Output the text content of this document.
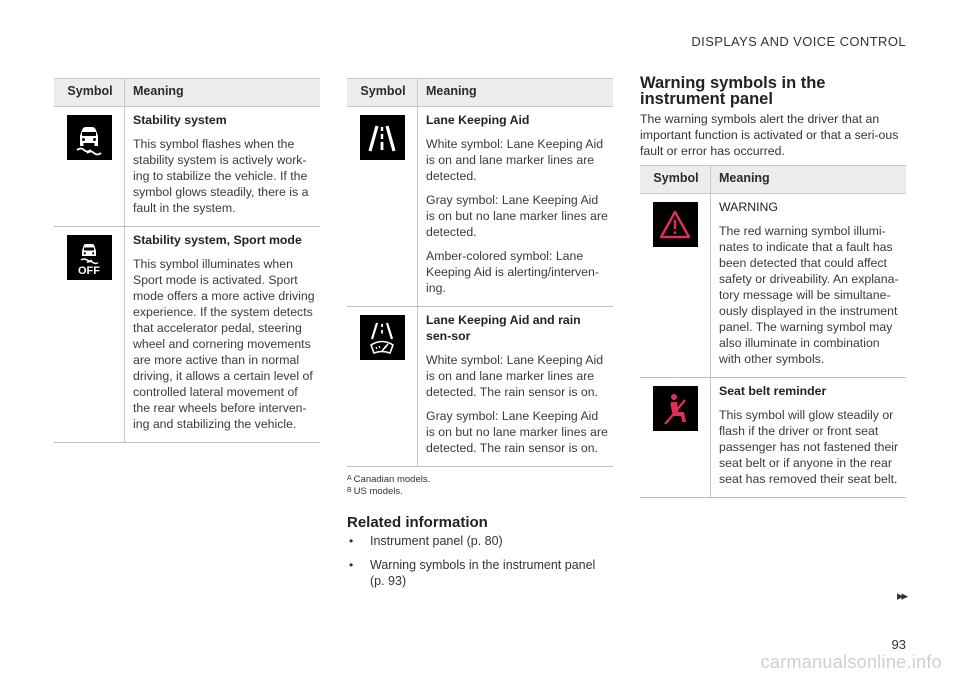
DISPLAYS AND VOICE CONTROL
Symbol	Meaning

Stability system
This symbol flashes when the stability system is actively work-ing to stabilize the vehicle. If the symbol glows steadily, there is a fault in the system.

OFF	Stability system, Sport mode
This symbol illuminates when Sport mode is activated. Sport mode offers a more active driving experience. If the system detects that accelerator pedal, steering wheel and cornering movements are more active than in normal driving, it allows a certain level of controlled lateral movement of the rear wheels before interven-ing and stabilizing the vehicle.
Symbol	Meaning

Lane Keeping Aid
White symbol: Lane Keeping Aid is on and lane marker lines are detected.
Gray symbol: Lane Keeping Aid is on but no lane marker lines are detected.
Amber-colored symbol: Lane Keeping Aid is alerting/interven-ing.

Lane Keeping Aid and rain sen-sor
White symbol: Lane Keeping Aid is on and lane marker lines are detected. The rain sensor is on.
Gray symbol: Lane Keeping Aid is on but no lane marker lines are detected. The rain sensor is on.
$^A$ Canadian models.
$^B$ US models.
Related information
• Instrument panel (p. 80)
• Warning symbols in the instrument panel (p. 93)
Warning symbols in the instrument panel

The warning symbols alert the driver that an important function is activated or that a seri-ous fault or error has occurred.

Symbol	Meaning

WARNING
The red warning symbol illumi-nates to indicate that a fault has been detected that could affect safety or driveability. An explana-tory message will be simultane-ously displayed in the instrument panel. The warning symbol may also illuminate in combination with other symbols.

Seat belt reminder
This symbol will glow steadily or flash if the driver or front seat passenger has not fastened their seat belt or if anyone in the rear seat has removed their seat belt.
▸▸
93
carmanualsonline.info
